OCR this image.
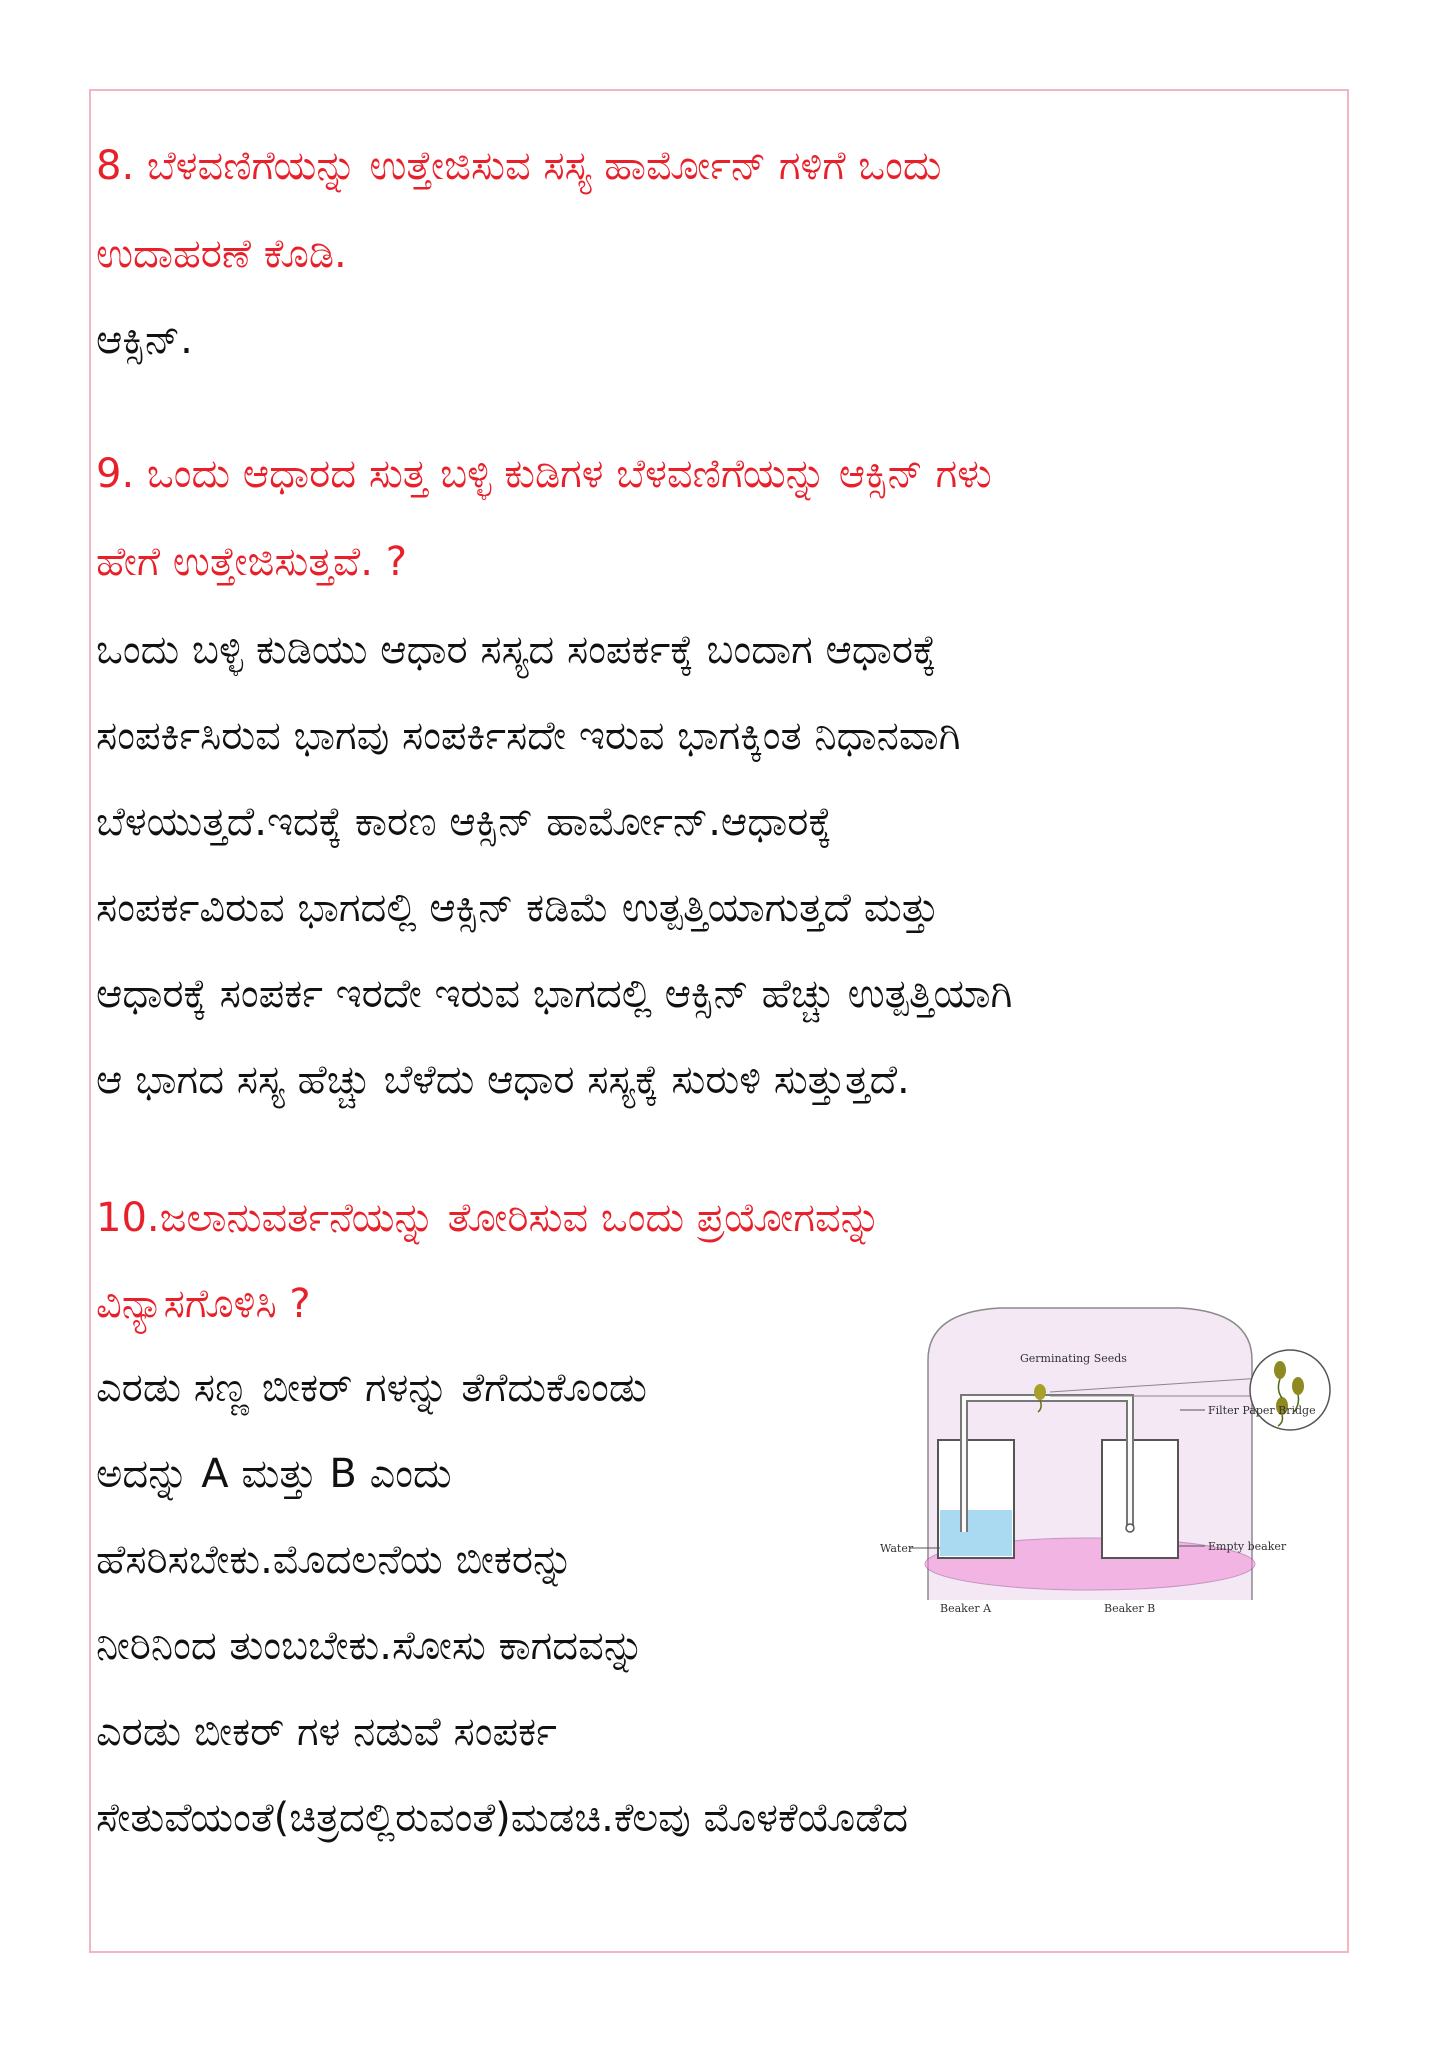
8. ಬೆಳವಣಿಗೆಯನ್ನು ಉತ್ತೇಜಿಸುವ ಸಸ್ಯ ಹಾರ್ಮೋನ್ ಗಳಿಗೆ ಒಂದು
ಉದಾಹರಣೆ ಕೊಡಿ.
ಆಕ್ಸಿನ್.
9. ಒಂದು ಆಧಾರದ ಸುತ್ತ ಬಳ್ಳಿ ಕುಡಿಗಳ ಬೆಳವಣಿಗೆಯನ್ನು ಆಕ್ಸಿನ್ ಗಳು
ಹೇಗೆ ಉತ್ತೇಜಿಸುತ್ತವೆ. ?
ಒಂದು ಬಳ್ಳಿ ಕುಡಿಯು ಆಧಾರ ಸಸ್ಯದ ಸಂಪರ್ಕಕ್ಕೆ ಬಂದಾಗ ಆಧಾರಕ್ಕೆ
ಸಂಪರ್ಕಿಸಿರುವ ಭಾಗವು ಸಂಪರ್ಕಿಸದೇ ಇರುವ ಭಾಗಕ್ಕಿಂತ ನಿಧಾನವಾಗಿ
ಬೆಳಯುತ್ತದೆ.ಇದಕ್ಕೆ ಕಾರಣ ಆಕ್ಸಿನ್ ಹಾರ್ಮೋನ್.ಆಧಾರಕ್ಕೆ
ಸಂಪರ್ಕವಿರುವ ಭಾಗದಲ್ಲಿ ಆಕ್ಸಿನ್ ಕಡಿಮೆ ಉತ್ಪತ್ತಿಯಾಗುತ್ತದೆ ಮತ್ತು
ಆಧಾರಕ್ಕೆ ಸಂಪರ್ಕ ಇರದೇ ಇರುವ ಭಾಗದಲ್ಲಿ ಆಕ್ಸಿನ್ ಹೆಚ್ಚು ಉತ್ಪತ್ತಿಯಾಗಿ
ಆ ಭಾಗದ ಸಸ್ಯ ಹೆಚ್ಚು ಬೆಳೆದು ಆಧಾರ ಸಸ್ಯಕ್ಕೆ ಸುರುಳಿ ಸುತ್ತುತ್ತದೆ.
10.ಜಲಾನುವರ್ತನೆಯನ್ನು ತೋರಿಸುವ ಒಂದು ಪ್ರಯೋಗವನ್ನು
ವಿನ್ಯಾಸಗೊಳಿಸಿ ?
ಎರಡು ಸಣ್ಣ ಬೀಕರ್ ಗಳನ್ನು ತೆಗೆದುಕೊಂಡು
ಅದನ್ನು A ಮತ್ತು B ಎಂದು
ಹೆಸರಿಸಬೇಕು.ಮೊದಲನೆಯ ಬೀಕರನ್ನು
ನೀರಿನಿಂದ ತುಂಬಬೇಕು.ಸೋಸು ಕಾಗದವನ್ನು
ಎರಡು ಬೀಕರ್ ಗಳ ನಡುವೆ ಸಂಪರ್ಕ
ಸೇತುವೆಯಂತೆ(ಚಿತ್ರದಲ್ಲಿರುವಂತೆ)ಮಡಚಿ.ಕೆಲವು ಮೊಳಕೆಯೊಡೆದ
Germinating Seeds
Filter Paper Bridge
Water	Empty beaker
Beaker A	Beaker B
